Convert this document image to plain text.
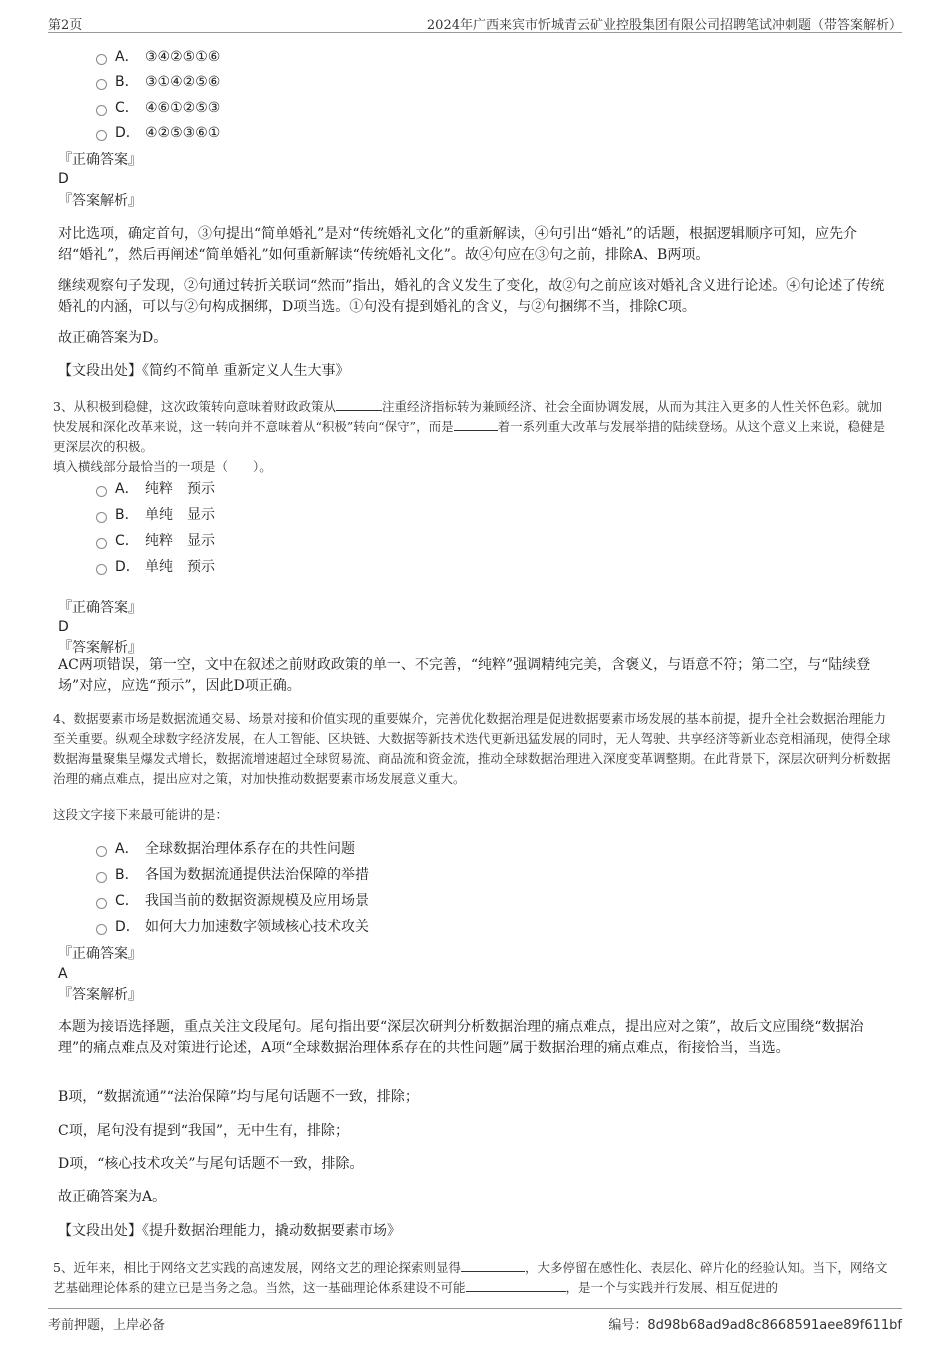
第2页	2024年广西来宾市忻城青云矿业控股集团有限公司招聘笔试冲刺题（带答案解析）
A． ③④②⑤①⑥
B． ③①④②⑤⑥
C． ④⑥①②⑤③
D． ④②⑤③⑥①
『正确答案』
D
『答案解析』
对比选项，确定首句，③句提出“简单婚礼”是对“传统婚礼文化”的重新解读，④句引出“婚礼”的话题，根据逻辑顺序可知，应先介绍“婚礼”，然后再阐述“简单婚礼”如何重新解读“传统婚礼文化”。故④句应在③句之前，排除A、B两项。
继续观察句子发现，②句通过转折关联词“然而”指出，婚礼的含义发生了变化，故②句之前应该对婚礼含义进行论述。④句论述了传统婚礼的内涵，可以与②句构成捆绑，D项当选。①句没有提到婚礼的含义，与②句捆绑不当，排除C项。
故正确答案为D。
【文段出处】《简约不简单 重新定义人生大事》
3、从积极到稳健，这次政策转向意味着财政政策从	注重经济指标转为兼顾经济、社会全面协调发展，从而为其注入更多的人性关怀色彩。就加快发展和深化改革来说，这一转向并不意味着从“积极”转向“保守”，而是	着一系列重大改革与发展举措的陆续登场。从这个意义上来说，稳健是更深层次的积极。
填入横线部分最恰当的一项是（　　）。
A． 纯粹　预示
B． 单纯　显示
C． 纯粹　显示
D． 单纯　预示
『正确答案』
D
『答案解析』
AC两项错误，第一空，文中在叙述之前财政政策的单一、不完善，“纯粹”强调精纯完美，含褒义，与语意不符；第二空，与“陆续登场”对应，应选“预示”，因此D项正确。
4、数据要素市场是数据流通交易、场景对接和价值实现的重要媒介，完善优化数据治理是促进数据要素市场发展的基本前提，提升全社会数据治理能力至关重要。纵观全球数字经济发展，在人工智能、区块链、大数据等新技术迭代更新迅猛发展的同时，无人驾驶、共享经济等新业态竞相涌现，使得全球数据海量聚集呈爆发式增长，数据流增速超过全球贸易流、商品流和资金流，推动全球数据治理进入深度变革调整期。在此背景下，深层次研判分析数据治理的痛点难点，提出应对之策，对加快推动数据要素市场发展意义重大。
这段文字接下来最可能讲的是：
A． 全球数据治理体系存在的共性问题
B． 各国为数据流通提供法治保障的举措
C． 我国当前的数据资源规模及应用场景
D． 如何大力加速数字领域核心技术攻关
『正确答案』
A
『答案解析』
本题为接语选择题，重点关注文段尾句。尾句指出要“深层次研判分析数据治理的痛点难点，提出应对之策”，故后文应围绕“数据治理”的痛点难点及对策进行论述，A项“全球数据治理体系存在的共性问题”属于数据治理的痛点难点，衔接恰当，当选。
B项，“数据流通”“法治保障”均与尾句话题不一致，排除；
C项，尾句没有提到“我国”，无中生有，排除；
D项，“核心技术攻关”与尾句话题不一致，排除。
故正确答案为A。
【文段出处】《提升数据治理能力，撬动数据要素市场》
5、近年来，相比于网络文艺实践的高速发展，网络文艺的理论探索则显得	，大多停留在感性化、表层化、碎片化的经验认知。当下，网络文艺基础理论体系的建立已是当务之急。当然，这一基础理论体系建设不可能	，是一个与实践并行发展、相互促进的
考前押题，上岸必备	编号：8d98b68ad9ad8c8668591aee89f611bf
